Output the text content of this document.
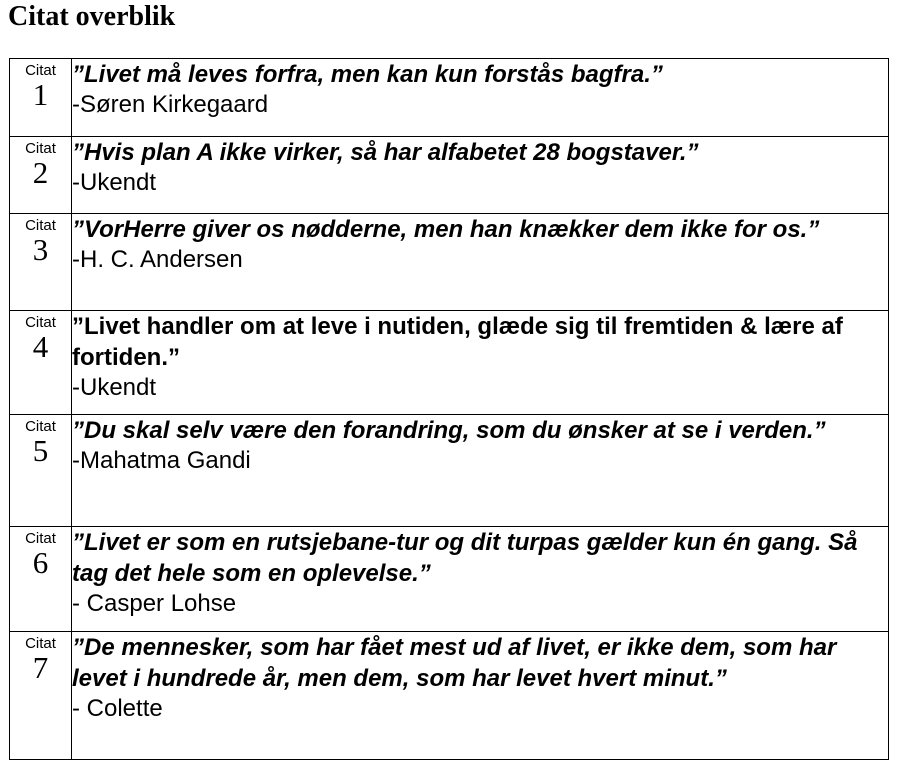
Citat overblik
Citat
1	”Livet må leves forfra, men kan kun forstås bagfra.”
-Søren Kirkegaard

Citat
2	”Hvis plan A ikke virker, så har alfabetet 28 bogstaver.”
-Ukendt

Citat
3	”VorHerre giver os nødderne, men han knækker dem ikke for os.”
-H. C. Andersen

Citat
4	”Livet handler om at leve i nutiden, glæde sig til fremtiden & lære af fortiden.”
-Ukendt

Citat
5	”Du skal selv være den forandring, som du ønsker at se i verden.”
-Mahatma Gandi

Citat
6	”Livet er som en rutsjebane-tur og dit turpas gælder kun én gang. Så tag det hele som en oplevelse.”
- Casper Lohse

Citat
7	”De mennesker, som har fået mest ud af livet, er ikke dem, som har levet i hundrede år, men dem, som har levet hvert minut.”
- Colette
